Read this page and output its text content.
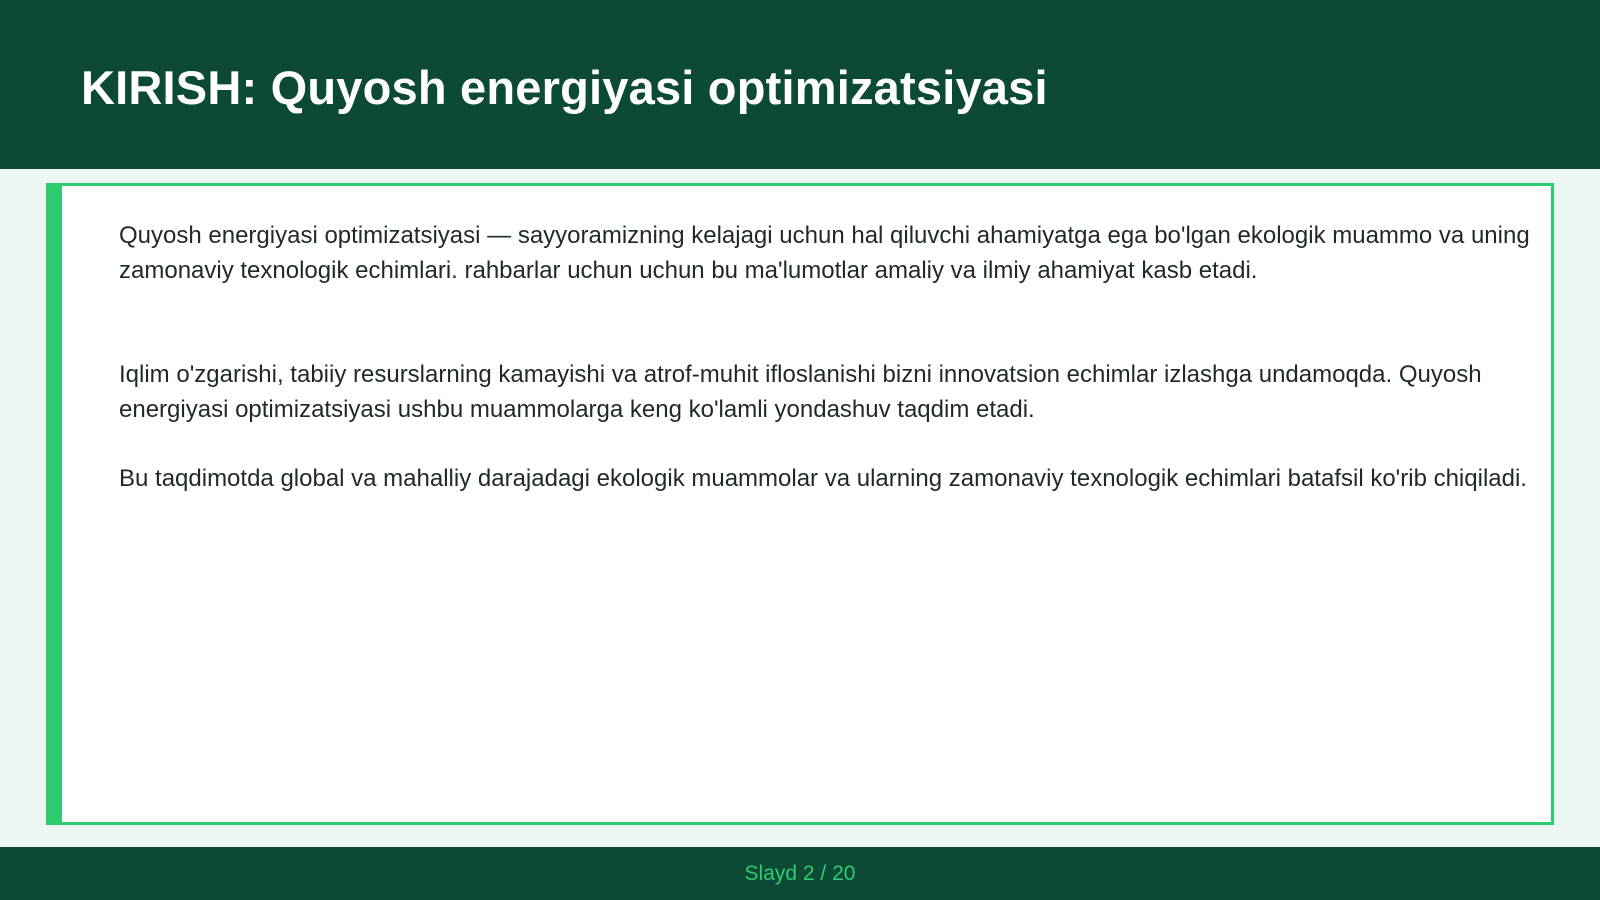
KIRISH: Quyosh energiyasi optimizatsiyasi

Quyosh energiyasi optimizatsiyasi — sayyoramizning kelajagi uchun hal qiluvchi ahamiyatga ega bo'lgan ekologik muammo va uning zamonaviy texnologik echimlari. rahbarlar uchun uchun bu ma'lumotlar amaliy va ilmiy ahamiyat kasb etadi.

Iqlim o'zgarishi, tabiiy resurslarning kamayishi va atrof-muhit ifloslanishi bizni innovatsion echimlar izlashga undamoqda. Quyosh energiyasi optimizatsiyasi ushbu muammolarga keng ko'lamli yondashuv taqdim etadi.

Bu taqdimotda global va mahalliy darajadagi ekologik muammolar va ularning zamonaviy texnologik echimlari batafsil ko'rib chiqiladi.

Slayd 2 / 20
